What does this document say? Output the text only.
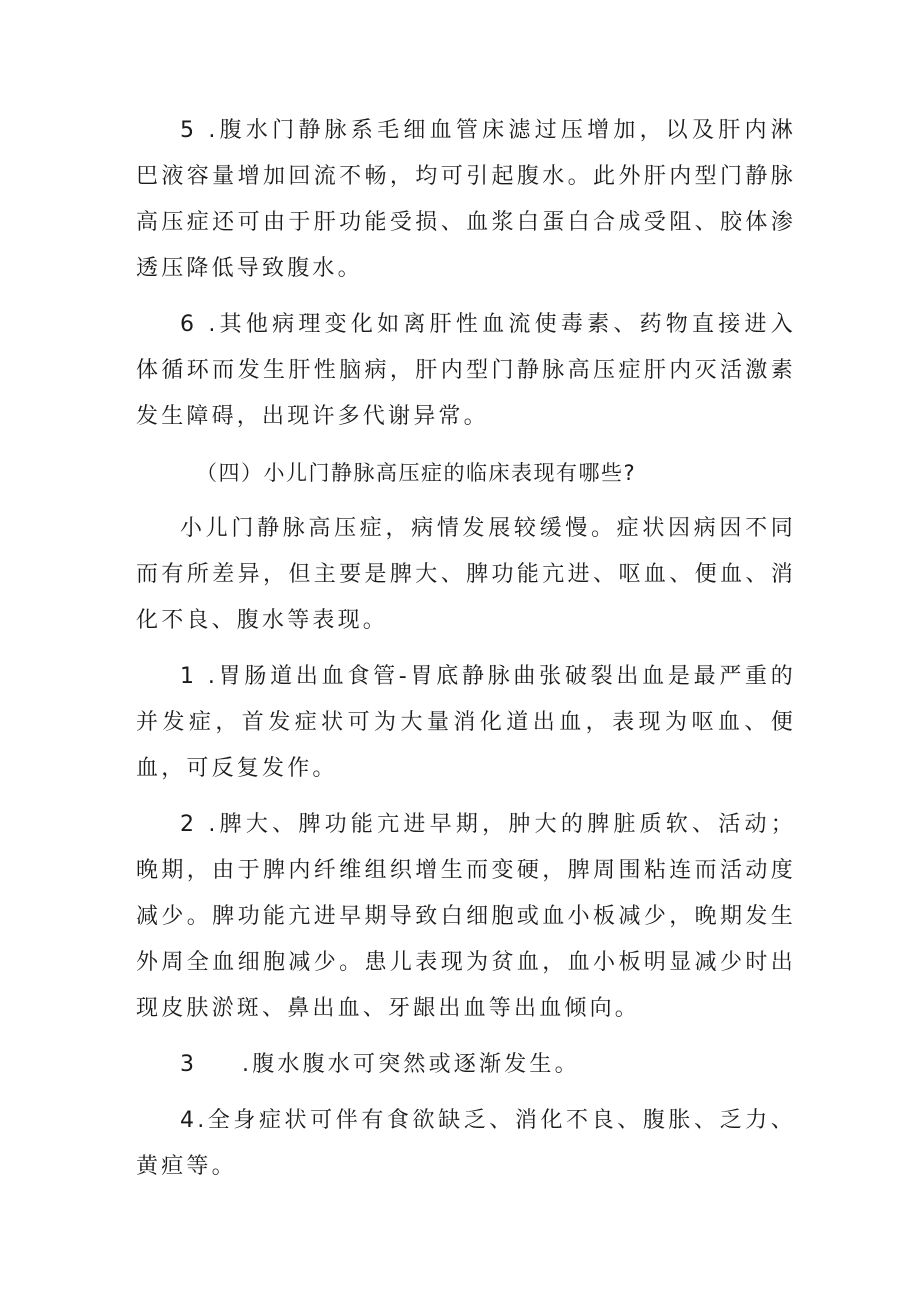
5 .腹水门静脉系毛细血管床滤过压增加，以及肝内淋巴液容量增加回流不畅，均可引起腹水。此外肝内型门静脉高压症还可由于肝功能受损、血浆白蛋白合成受阻、胶体渗透压降低导致腹水。

6 .其他病理变化如离肝性血流使毒素、药物直接进入体循环而发生肝性脑病，肝内型门静脉高压症肝内灭活激素发生障碍，出现许多代谢异常。

（四）小儿门静脉高压症的临床表现有哪些?

小儿门静脉高压症，病情发展较缓慢。症状因病因不同而有所差异，但主要是脾大、脾功能亢进、呕血、便血、消化不良、腹水等表现。

1 .胃肠道出血食管-胃底静脉曲张破裂出血是最严重的并发症，首发症状可为大量消化道出血，表现为呕血、便血，可反复发作。

2 .脾大、脾功能亢进早期，肿大的脾脏质软、活动；晚期，由于脾内纤维组织增生而变硬，脾周围粘连而活动度减少。脾功能亢进早期导致白细胞或血小板减少，晚期发生外周全血细胞减少。患儿表现为贫血，血小板明显减少时出现皮肤淤斑、鼻出血、牙龈出血等出血倾向。

3 .腹水腹水可突然或逐渐发生。

4.全身症状可伴有食欲缺乏、消化不良、腹胀、乏力、黄疸等。
